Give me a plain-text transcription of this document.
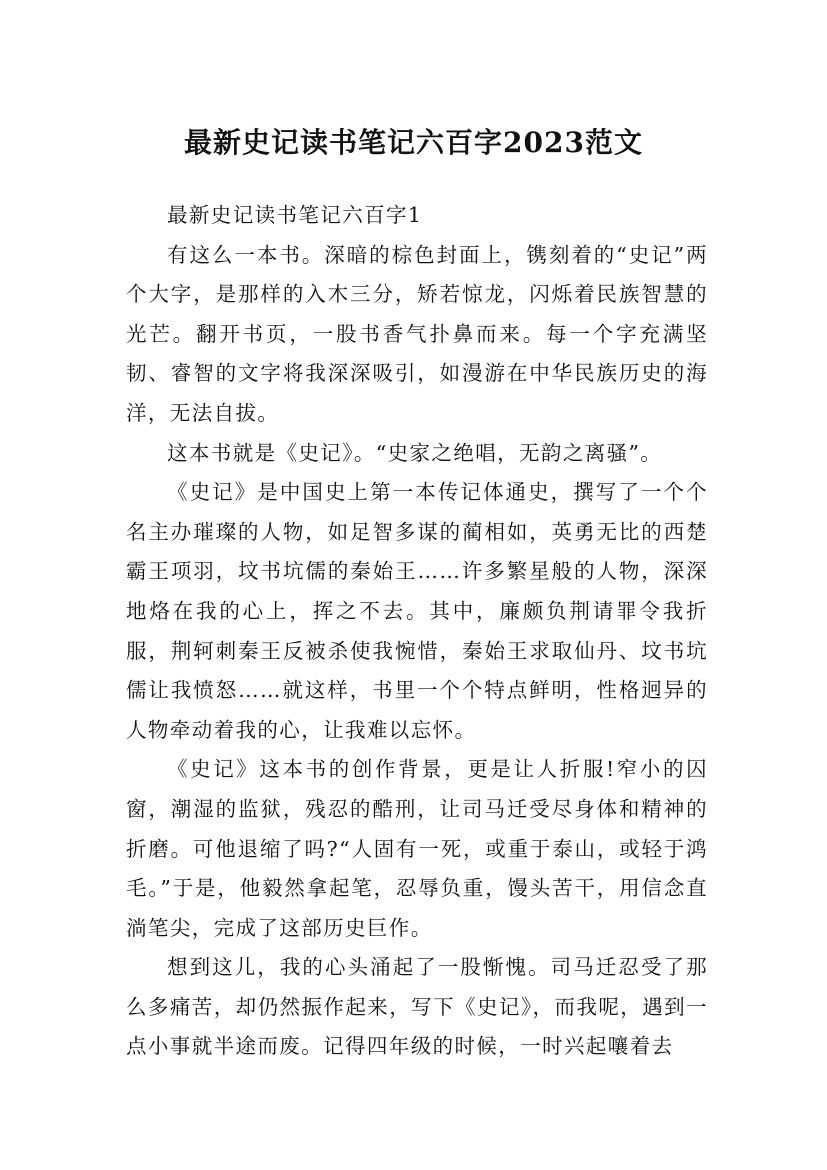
最新史记读书笔记六百字2023范文

最新史记读书笔记六百字1

有这么一本书。深暗的棕色封面上，镌刻着的“史记”两个大字，是那样的入木三分，矫若惊龙，闪烁着民族智慧的光芒。翻开书页，一股书香气扑鼻而来。每一个字充满坚韧、睿智的文字将我深深吸引，如漫游在中华民族历史的海洋，无法自拔。

这本书就是《史记》。“史家之绝唱，无韵之离骚”。

《史记》是中国史上第一本传记体通史，撰写了一个个名主办璀璨的人物，如足智多谋的蔺相如，英勇无比的西楚霸王项羽，坟书坑儒的秦始王……许多繁星般的人物，深深地烙在我的心上，挥之不去。其中，廉颇负荆请罪令我折服，荆轲刺秦王反被杀使我惋惜，秦始王求取仙丹、坟书坑儒让我愤怒……就这样，书里一个个特点鲜明，性格迥异的人物牵动着我的心，让我难以忘怀。

《史记》这本书的创作背景，更是让人折服!窄小的囚窗，潮湿的监狱，残忍的酷刑，让司马迁受尽身体和精神的折磨。可他退缩了吗?“人固有一死，或重于泰山，或轻于鸿毛。”于是，他毅然拿起笔，忍辱负重，馒头苦干，用信念直淌笔尖，完成了这部历史巨作。

想到这儿，我的心头涌起了一股惭愧。司马迁忍受了那么多痛苦，却仍然振作起来，写下《史记》，而我呢，遇到一点小事就半途而废。记得四年级的时候，一时兴起嚷着去
